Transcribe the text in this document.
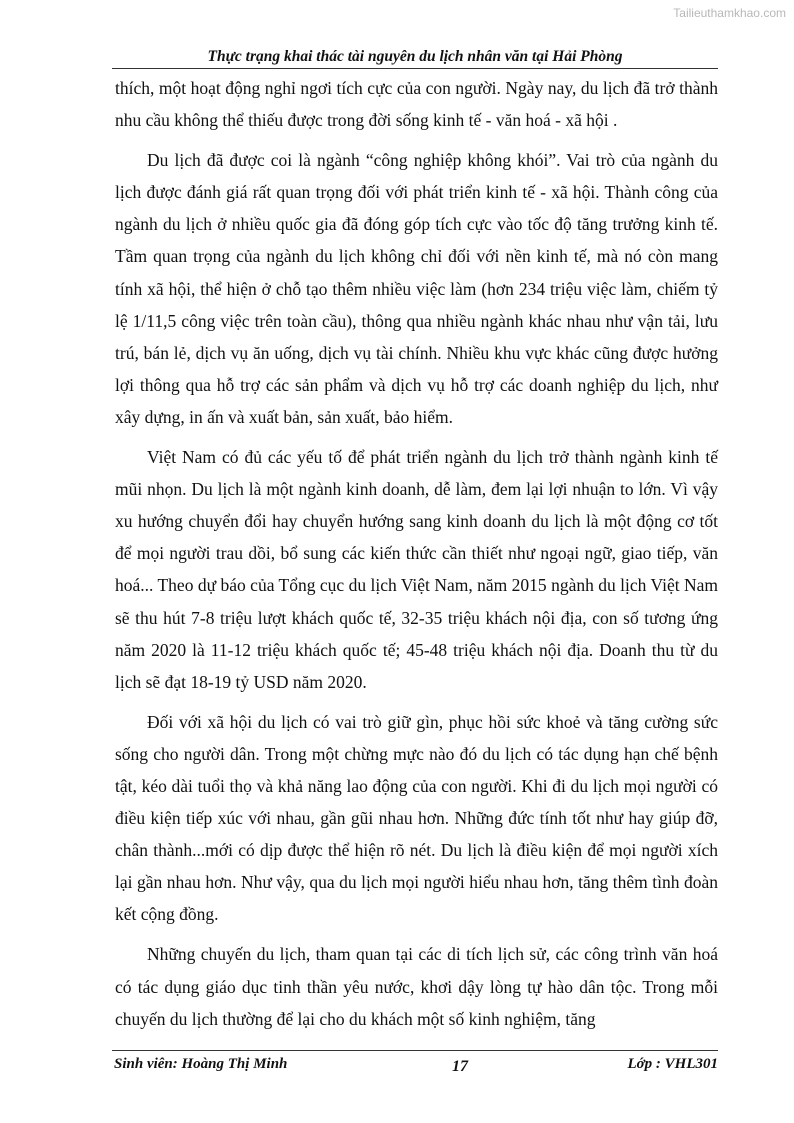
Tailieuthamkhao.com
Thực trạng khai thác tài nguyên du lịch nhân văn tại Hải Phòng

thích, một hoạt động nghỉ ngơi tích cực của con người. Ngày nay, du lịch đã trở thành nhu cầu không thể thiếu được trong đời sống kinh tế - văn hoá - xã hội .

Du lịch đã được coi là ngành “công nghiệp không khói”. Vai trò của ngành du lịch được đánh giá rất quan trọng đối với phát triển kinh tế - xã hội. Thành công của ngành du lịch ở nhiều quốc gia đã đóng góp tích cực vào tốc độ tăng trưởng kinh tế. Tầm quan trọng của ngành du lịch không chỉ đối với nền kinh tế, mà nó còn mang tính xã hội, thể hiện ở chỗ tạo thêm nhiều việc làm (hơn 234 triệu việc làm, chiếm tỷ lệ 1/11,5 công việc trên toàn cầu), thông qua nhiều ngành khác nhau như vận tải, lưu trú, bán lẻ, dịch vụ ăn uống, dịch vụ tài chính. Nhiều khu vực khác cũng được hưởng lợi thông qua hỗ trợ các sản phẩm và dịch vụ hỗ trợ các doanh nghiệp du lịch, như xây dựng, in ấn và xuất bản, sản xuất, bảo hiểm.

Việt Nam có đủ các yếu tố để phát triển ngành du lịch trở thành ngành kinh tế mũi nhọn. Du lịch là một ngành kinh doanh, dễ làm, đem lại lợi nhuận to lớn. Vì vậy xu hướng chuyển đổi hay chuyển hướng sang kinh doanh du lịch là một động cơ tốt để mọi người trau dồi, bổ sung các kiến thức cần thiết như ngoại ngữ, giao tiếp, văn hoá... Theo dự báo của Tổng cục du lịch Việt Nam, năm 2015 ngành du lịch Việt Nam sẽ thu hút 7-8 triệu lượt khách quốc tế, 32-35 triệu khách nội địa, con số tương ứng năm 2020 là 11-12 triệu khách quốc tế; 45-48 triệu khách nội địa. Doanh thu từ du lịch sẽ đạt 18-19 tỷ USD năm 2020.

Đối với xã hội du lịch có vai trò giữ gìn, phục hồi sức khoẻ và tăng cường sức sống cho người dân. Trong một chừng mực nào đó du lịch có tác dụng hạn chế bệnh tật, kéo dài tuổi thọ và khả năng lao động của con người. Khi đi du lịch mọi người có điều kiện tiếp xúc với nhau, gần gũi nhau hơn. Những đức tính tốt như hay giúp đỡ, chân thành...mới có dịp được thể hiện rõ nét. Du lịch là điều kiện để mọi người xích lại gần nhau hơn. Như vậy, qua du lịch mọi người hiểu nhau hơn, tăng thêm tình đoàn kết cộng đồng.

Những chuyến du lịch, tham quan tại các di tích lịch sử, các công trình văn hoá có tác dụng giáo dục tinh thần yêu nước, khơi dậy lòng tự hào dân tộc. Trong mỗi chuyến du lịch thường để lại cho du khách một số kinh nghiệm, tăng

Sinh viên: Hoàng Thị Minh	17	Lớp : VHL301
